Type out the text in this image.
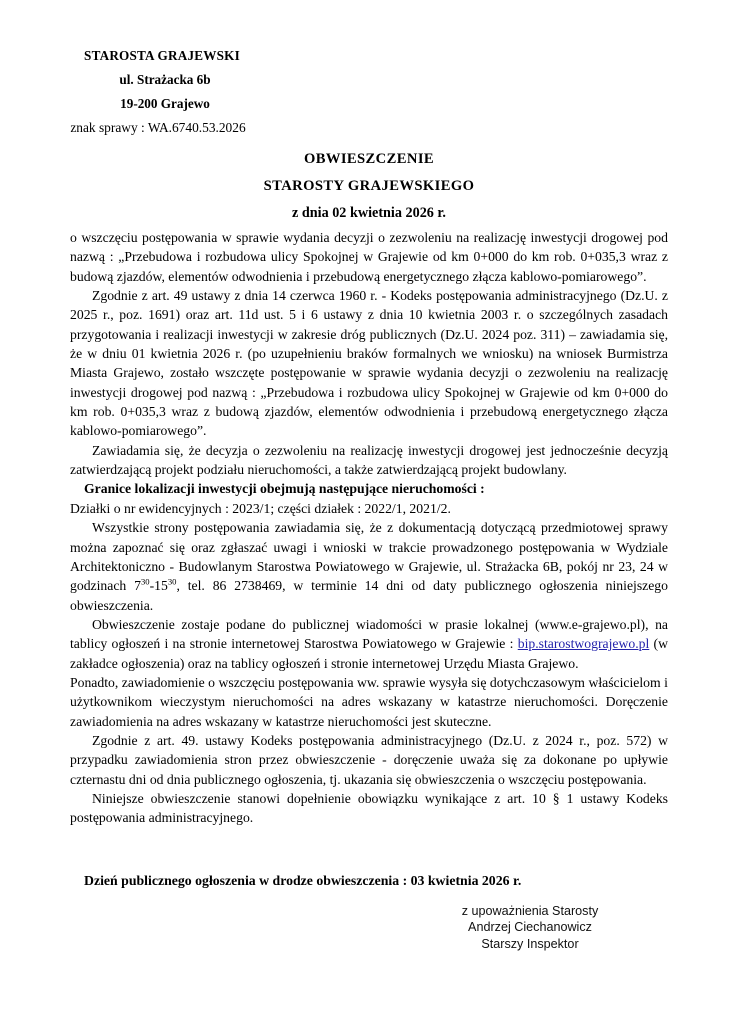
STAROSTA GRAJEWSKI
ul. Strażacka 6b
19-200 Grajewo
znak sprawy : WA.6740.53.2026
OBWIESZCZENIE
STAROSTY GRAJEWSKIEGO
z dnia 02 kwietnia 2026 r.

o wszczęciu postępowania w sprawie wydania decyzji o zezwoleniu na realizację inwestycji drogowej pod nazwą : „Przebudowa i rozbudowa ulicy Spokojnej w Grajewie od km 0+000 do km rob. 0+035,3 wraz z budową zjazdów, elementów odwodnienia i przebudową energetycznego złącza kablowo-pomiarowego”.

Zgodnie z art. 49 ustawy z dnia 14 czerwca 1960 r. - Kodeks postępowania administracyjnego (Dz.U. z 2025 r., poz. 1691) oraz art. 11d ust. 5 i 6 ustawy z dnia 10 kwietnia 2003 r. o szczególnych zasadach przygotowania i realizacji inwestycji w zakresie dróg publicznych (Dz.U. 2024 poz. 311) – zawiadamia się, że w dniu 01 kwietnia 2026 r. (po uzupełnieniu braków formalnych we wniosku) na wniosek Burmistrza Miasta Grajewo, zostało wszczęte postępowanie w sprawie wydania decyzji o zezwoleniu na realizację inwestycji drogowej pod nazwą : „Przebudowa i rozbudowa ulicy Spokojnej w Grajewie od km 0+000 do km rob. 0+035,3 wraz z budową zjazdów, elementów odwodnienia i przebudową energetycznego złącza kablowo-pomiarowego”.

Zawiadamia się, że decyzja o zezwoleniu na realizację inwestycji drogowej jest jednocześnie decyzją zatwierdzającą projekt podziału nieruchomości, a także zatwierdzającą projekt budowlany.

Granice lokalizacji inwestycji obejmują następujące nieruchomości :

Działki o nr ewidencyjnych : 2023/1; części działek : 2022/1, 2021/2.

Wszystkie strony postępowania zawiadamia się, że z dokumentacją dotyczącą przedmiotowej sprawy można zapoznać się oraz zgłaszać uwagi i wnioski w trakcie prowadzonego postępowania w Wydziale Architektoniczno - Budowlanym Starostwa Powiatowego w Grajewie, ul. Strażacka 6B, pokój nr 23, 24 w godzinach $7^{30}-15^{30}$, tel. 86 2738469, w terminie 14 dni od daty publicznego ogłoszenia niniejszego obwieszczenia.

Obwieszczenie zostaje podane do publicznej wiadomości w prasie lokalnej (www.e-grajewo.pl), na tablicy ogłoszeń i na stronie internetowej Starostwa Powiatowego w Grajewie : bip.starostwograjewo.pl (w zakładce ogłoszenia) oraz na tablicy ogłoszeń i stronie internetowej Urzędu Miasta Grajewo.

Ponadto, zawiadomienie o wszczęciu postępowania ww. sprawie wysyła się dotychczasowym właścicielom i użytkownikom wieczystym nieruchomości na adres wskazany w katastrze nieruchomości. Doręczenie zawiadomienia na adres wskazany w katastrze nieruchomości jest skuteczne.

Zgodnie z art. 49. ustawy Kodeks postępowania administracyjnego (Dz.U. z 2024 r., poz. 572) w przypadku zawiadomienia stron przez obwieszczenie - doręczenie uważa się za dokonane po upływie czternastu dni od dnia publicznego ogłoszenia, tj. ukazania się obwieszczenia o wszczęciu postępowania.

Niniejsze obwieszczenie stanowi dopełnienie obowiązku wynikające z art. 10 § 1 ustawy Kodeks postępowania administracyjnego.

Dzień publicznego ogłoszenia w drodze obwieszczenia : 03 kwietnia 2026 r.
z upoważnienia Starosty
Andrzej Ciechanowicz
Starszy Inspektor
